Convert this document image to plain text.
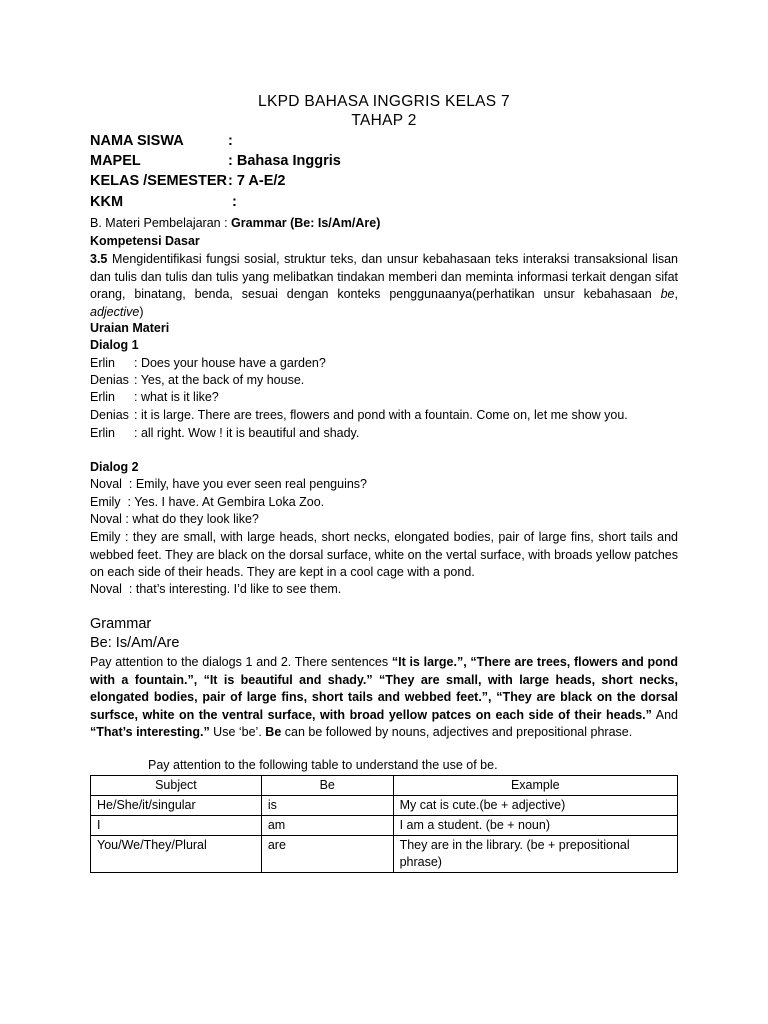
LKPD BAHASA INGGRIS KELAS 7
TAHAP 2
NAMA SISWA	:
MAPEL	: Bahasa Inggris
KELAS /SEMESTER : 7 A-E/2
KKM	:
B. Materi Pembelajaran : Grammar (Be: Is/Am/Are)
Kompetensi Dasar
3.5 Mengidentifikasi fungsi sosial, struktur teks, dan unsur kebahasaan teks interaksi transaksional lisan dan tulis dan tulis dan tulis yang melibatkan tindakan memberi dan meminta informasi terkait dengan sifat orang, binatang, benda, sesuai dengan konteks penggunaanya(perhatikan unsur kebahasaan be, adjective)
Uraian Materi
Dialog 1
Erlin : Does your house have a garden?
Denias : Yes, at the back of my house.
Erlin : what is it like?
Denias : it is large. There are trees, flowers and pond with a fountain. Come on, let me show you.
Erlin : all right. Wow ! it is beautiful and shady.
Dialog 2
Noval  : Emily, have you ever seen real penguins?
Emily  : Yes. I have. At Gembira Loka Zoo.
Noval : what do they look like?
Emily : they are small, with large heads, short necks, elongated bodies, pair of large fins, short tails and webbed feet. They are black on the dorsal surface, white on the vertal surface, with broads yellow patches on each side of their heads. They are kept in a cool cage with a pond.
Noval  : that’s interesting. I’d like to see them.
Grammar
Be: Is/Am/Are
Pay attention to the dialogs 1 and 2. There sentences “It is large.”, “There are trees, flowers and pond with a fountain.”, “It is beautiful and shady.” “They are small, with large heads, short necks, elongated bodies, pair of large fins, short tails and webbed feet.”, “They are black on the dorsal surfsce, white on the ventral surface, with broad yellow patces on each side of their heads.” And “That’s interesting.” Use ‘be’. Be can be followed by nouns, adjectives and prepositional phrase.
Pay attention to the following table to understand the use of be.
Subject	Be	Example
He/She/it/singular	is	My cat is cute.(be + adjective)
I	am	I am a student. (be + noun)
You/We/They/Plural	are	They are in the library. (be + prepositional phrase)
